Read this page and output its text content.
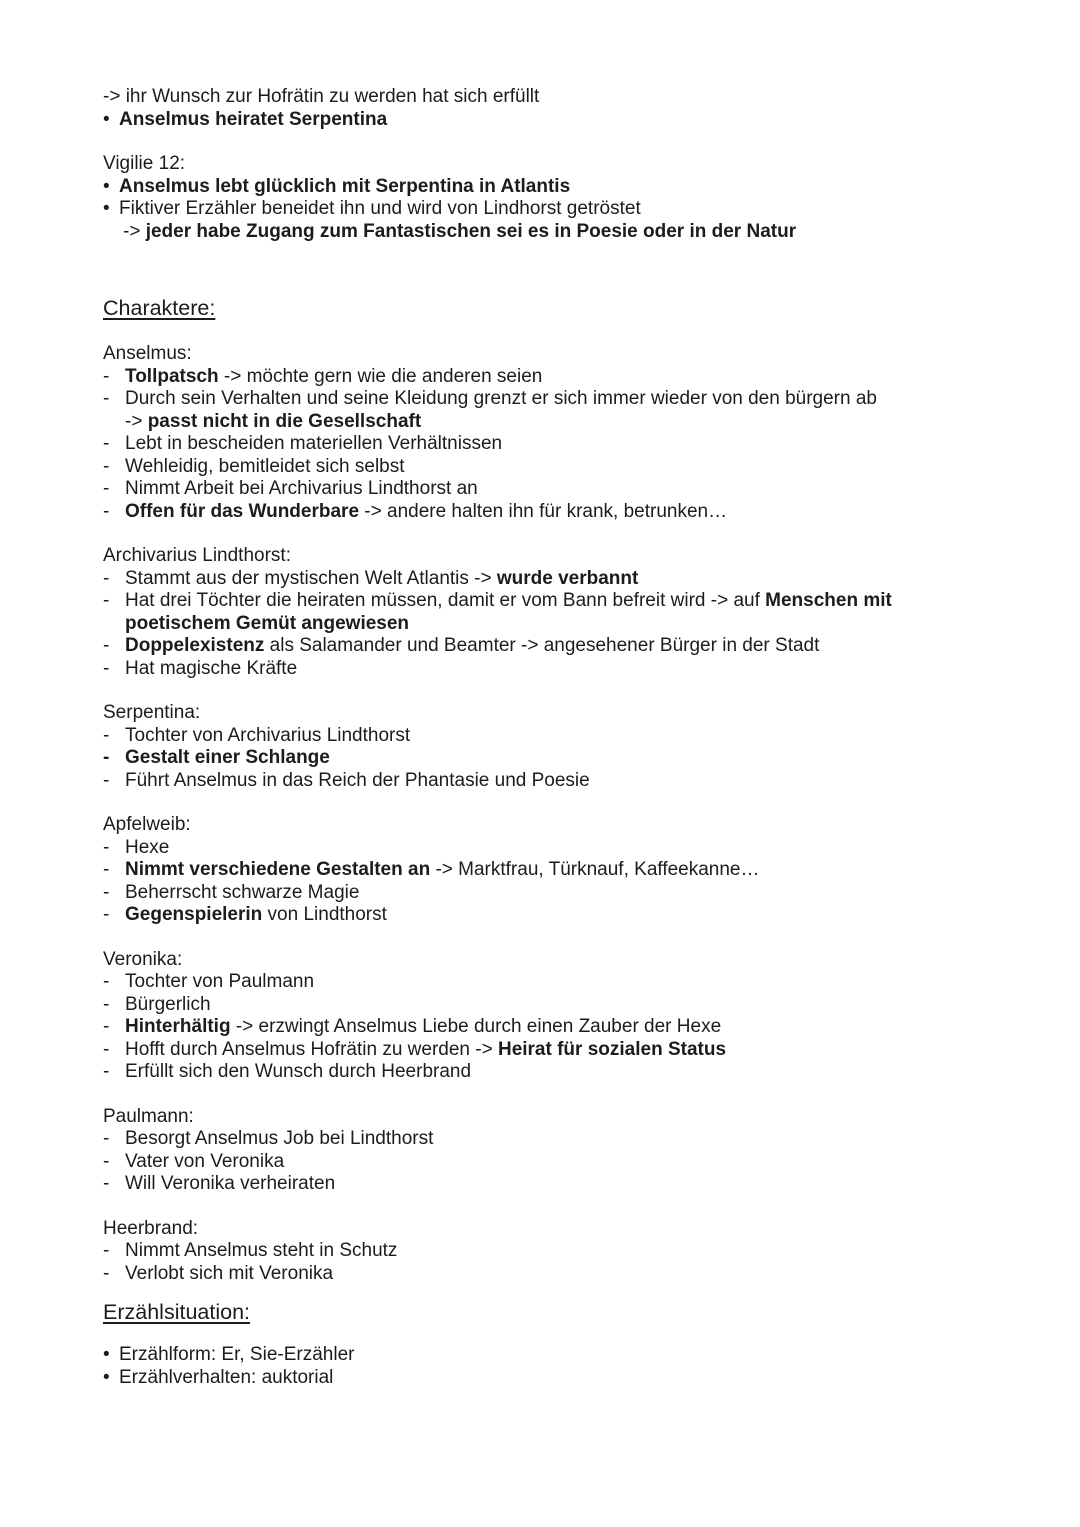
-> ihr Wunsch zur Hofrätin zu werden hat sich erfüllt
• Anselmus heiratet Serpentina
Vigilie 12:
• Anselmus lebt glücklich mit Serpentina in Atlantis
• Fiktiver Erzähler beneidet ihn und wird von Lindhorst getröstet
-> jeder habe Zugang zum Fantastischen sei es in Poesie oder in der Natur
Charaktere:
Anselmus:
- Tollpatsch -> möchte gern wie die anderen seien
- Durch sein Verhalten und seine Kleidung grenzt er sich immer wieder von den bürgern ab
-> passt nicht in die Gesellschaft
- Lebt in bescheiden materiellen Verhältnissen
- Wehleidig, bemitleidet sich selbst
- Nimmt Arbeit bei Archivarius Lindthorst an
- Offen für das Wunderbare -> andere halten ihn für krank, betrunken…
Archivarius Lindthorst:
- Stammt aus der mystischen Welt Atlantis -> wurde verbannt
- Hat drei Töchter die heiraten müssen, damit er vom Bann befreit wird -> auf Menschen mit
poetischem Gemüt angewiesen
- Doppelexistenz als Salamander und Beamter -> angesehener Bürger in der Stadt
- Hat magische Kräfte
Serpentina:
- Tochter von Archivarius Lindthorst
- Gestalt einer Schlange
- Führt Anselmus in das Reich der Phantasie und Poesie
Apfelweib:
- Hexe
- Nimmt verschiedene Gestalten an -> Marktfrau, Türknauf, Kaffeekanne…
- Beherrscht schwarze Magie
- Gegenspielerin von Lindthorst
Veronika:
- Tochter von Paulmann
- Bürgerlich
- Hinterhältig -> erzwingt Anselmus Liebe durch einen Zauber der Hexe
- Hofft durch Anselmus Hofrätin zu werden -> Heirat für sozialen Status
- Erfüllt sich den Wunsch durch Heerbrand
Paulmann:
- Besorgt Anselmus Job bei Lindthorst
- Vater von Veronika
- Will Veronika verheiraten
Heerbrand:
- Nimmt Anselmus steht in Schutz
- Verlobt sich mit Veronika
Erzählsituation:
• Erzählform: Er, Sie-Erzähler
• Erzählverhalten: auktorial
